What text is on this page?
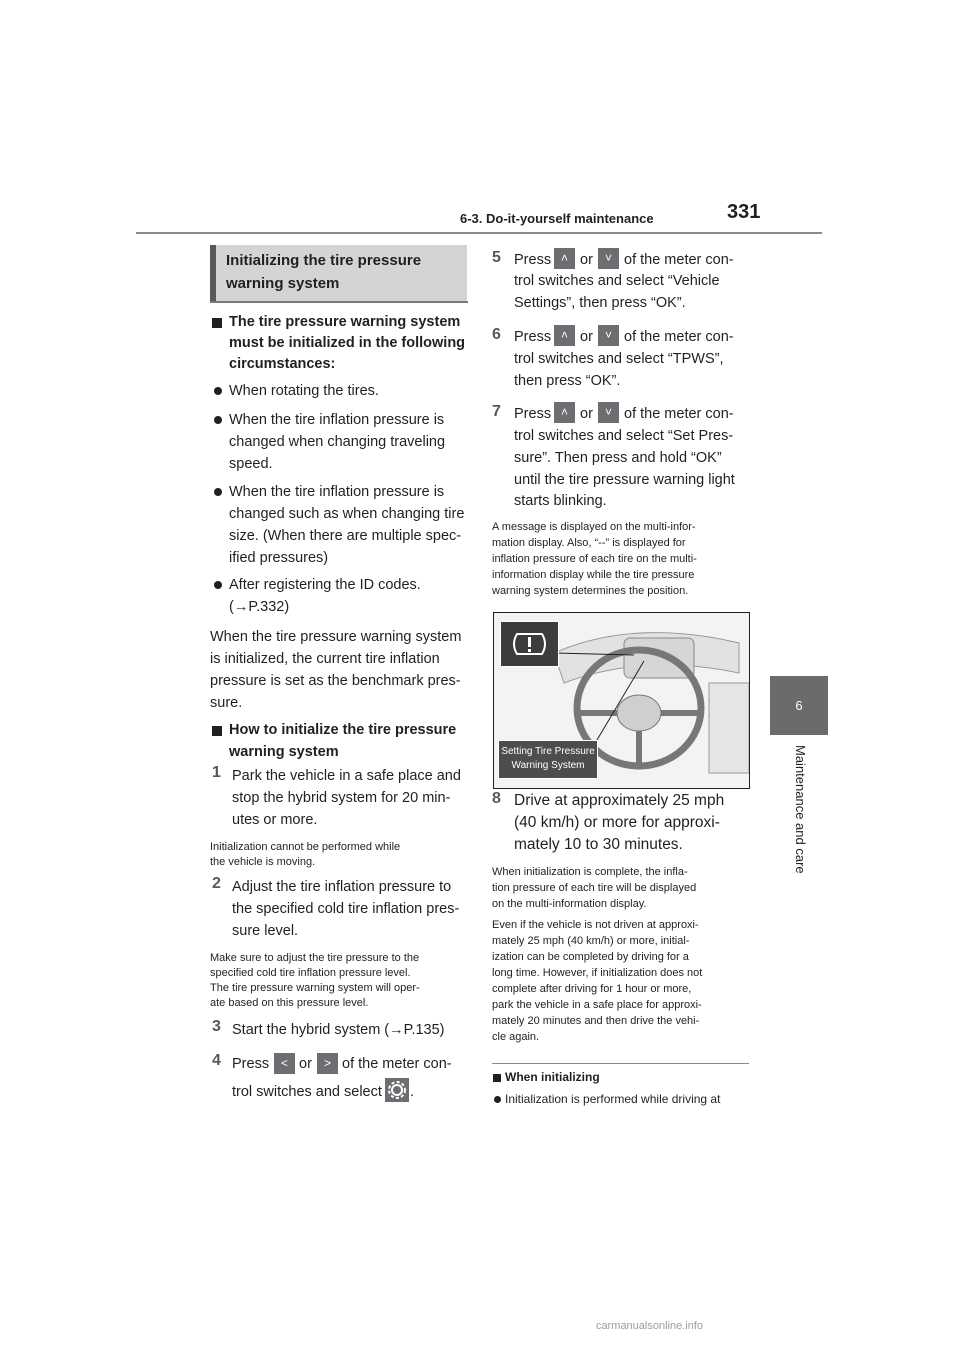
6-3. Do-it-yourself maintenance	331
6
Maintenance and care
Initializing the tire pressure
warning system
The tire pressure warning system
must be initialized in the following
circumstances:
When rotating the tires.
When the tire inflation pressure is
changed when changing traveling
speed.
When the tire inflation pressure is
changed such as when changing tire
size. (When there are multiple spec-
ified pressures)
After registering the ID codes.
(→P.332)
When the tire pressure warning system
is initialized, the current tire inflation
pressure is set as the benchmark pres-
sure.
How to initialize the tire pressure
warning system
1 Park the vehicle in a safe place and
stop the hybrid system for 20 min-
utes or more.
Initialization cannot be performed while
the vehicle is moving.
2 Adjust the tire inflation pressure to
the specified cold tire inflation pres-
sure level.
Make sure to adjust the tire pressure to the
specified cold tire inflation pressure level.
The tire pressure warning system will oper-
ate based on this pressure level.
3 Start the hybrid system (→P.135)
4 Press < or	> of the meter con-
trol switches and select .
5 Press ˄ or	˅ of the meter con-
trol switches and select “Vehicle
Settings”, then press “OK”.
6 Press ˄ or	˅ of the meter con-
trol switches and select “TPWS”,
then press “OK”.
7 Press ˄ or	˅ of the meter con-
trol switches and select “Set Pres-
sure”. Then press and hold “OK”
until the tire pressure warning light
starts blinking.
A message is displayed on the multi-infor-
mation display. Also, “--” is displayed for
inflation pressure of each tire on the multi-
information display while the tire pressure
warning system determines the position.
Setting Tire Pressure
Warning System
8 Drive at approximately 25 mph
(40 km/h) or more for approxi-
mately 10 to 30 minutes.
When initialization is complete, the infla-
tion pressure of each tire will be displayed
on the multi-information display.
Even if the vehicle is not driven at approxi-
mately 25 mph (40 km/h) or more, initial-
ization can be completed by driving for a
long time. However, if initialization does not
complete after driving for 1 hour or more,
park the vehicle in a safe place for approxi-
mately 20 minutes and then drive the vehi-
cle again.
When initializing
Initialization is performed while driving at
carmanualsonline.info
